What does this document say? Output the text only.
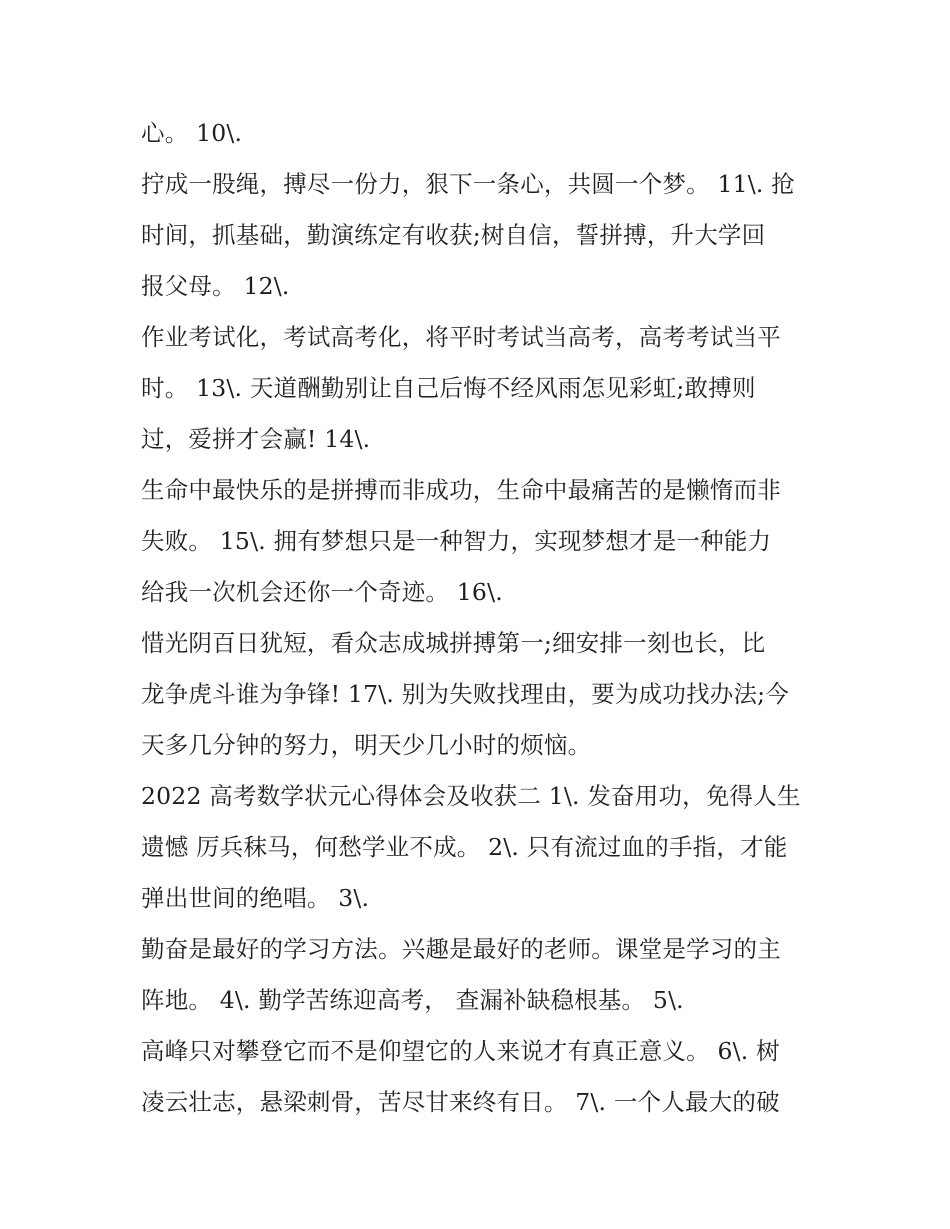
心。 10\.
拧成一股绳，搏尽一份力，狠下一条心，共圆一个梦。 11\. 抢
时间，抓基础，勤演练定有收获;树自信，誓拼搏，升大学回
报父母。 12\.
作业考试化，考试高考化，将平时考试当高考，高考考试当平
时。 13\. 天道酬勤别让自己后悔不经风雨怎见彩虹;敢搏则
过，爱拼才会赢! 14\.
生命中最快乐的是拼搏而非成功，生命中最痛苦的是懒惰而非
失败。 15\. 拥有梦想只是一种智力，实现梦想才是一种能力
给我一次机会还你一个奇迹。 16\.
惜光阴百日犹短，看众志成城拼搏第一;细安排一刻也长，比
龙争虎斗谁为争锋! 17\. 别为失败找理由，要为成功找办法;今
天多几分钟的努力，明天少几小时的烦恼。
2022 高考数学状元心得体会及收获二 1\. 发奋用功，免得人生
遗憾 厉兵秣马，何愁学业不成。 2\. 只有流过血的手指，才能
弹出世间的绝唱。 3\.
勤奋是最好的学习方法。兴趣是最好的老师。课堂是学习的主
阵地。 4\. 勤学苦练迎高考， 查漏补缺稳根基。 5\.
高峰只对攀登它而不是仰望它的人来说才有真正意义。 6\. 树
凌云壮志，悬梁刺骨，苦尽甘来终有日。 7\. 一个人最大的破
